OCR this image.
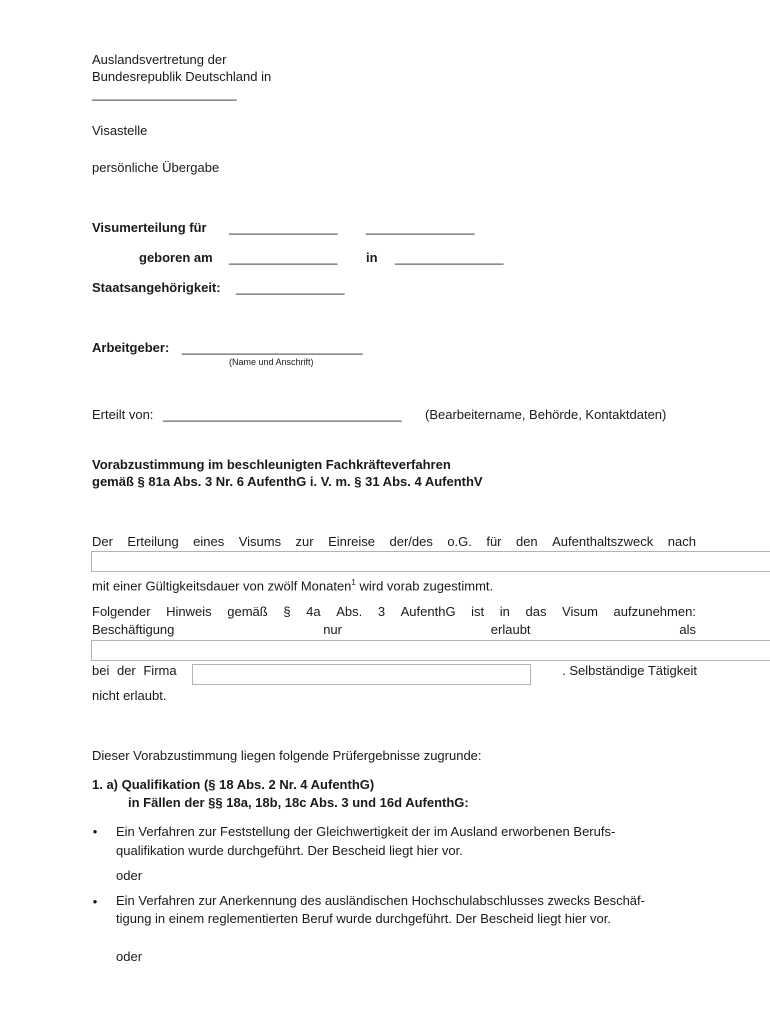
Auslandsvertretung der
Bundesrepublik Deutschland in
____________________
Visastelle
persönliche Übergabe
Visumerteilung für _______________ _______________
geboren am _______________ in _______________
Staatsangehörigkeit: _______________
Arbeitgeber: _________________________
(Name und Anschrift)
Erteilt von: _________________________________ (Bearbeitername, Behörde, Kontaktdaten)
Vorabzustimmung im beschleunigten Fachkräfteverfahren
gemäß § 81a Abs. 3 Nr. 6 AufenthG i. V. m. § 31 Abs. 4 AufenthV
Der Erteilung eines Visums zur Einreise der/des o.G. für den Aufenthaltszweck nach
mit einer Gültigkeitsdauer von zwölf Monaten$^1$ wird vorab zugestimmt.
Folgender Hinweis gemäß § 4a Abs. 3 AufenthG ist in das Visum aufzunehmen:
Beschäftigung	nur	erlaubt	als
bei der Firma	. Selbständige Tätigkeit
nicht erlaubt.
Dieser Vorabzustimmung liegen folgende Prüfergebnisse zugrunde:
1. a) Qualifikation (§ 18 Abs. 2 Nr. 4 AufenthG)
in Fällen der §§ 18a, 18b, 18c Abs. 3 und 16d AufenthG:
• Ein Verfahren zur Feststellung der Gleichwertigkeit der im Ausland erworbenen Berufs-
qualifikation wurde durchgeführt. Der Bescheid liegt hier vor.
oder
• Ein Verfahren zur Anerkennung des ausländischen Hochschulabschlusses zwecks Beschäf-
tigung in einem reglementierten Beruf wurde durchgeführt. Der Bescheid liegt hier vor.
oder
